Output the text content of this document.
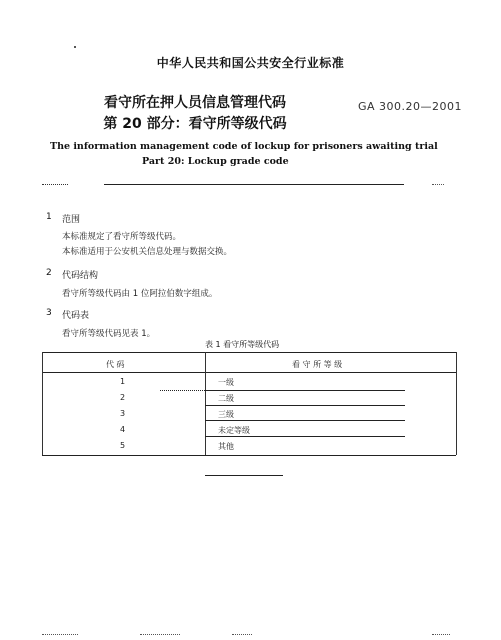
中华人民共和国公共安全行业标准
看守所在押人员信息管理代码
第 20 部分：看守所等级代码
GA 300.20—2001
The information management code of lockup for prisoners awaiting trial
Part 20: Lockup grade code
1 范围
本标准规定了看守所等级代码。
本标准适用于公安机关信息处理与数据交换。
2 代码结构
看守所等级代码由 1 位阿拉伯数字组成。
3 代码表
看守所等级代码见表 1。
表 1 看守所等级代码
代 码	看 守 所 等 级
1	一级
2	二级
3	三级
4	未定等级
5	其他
